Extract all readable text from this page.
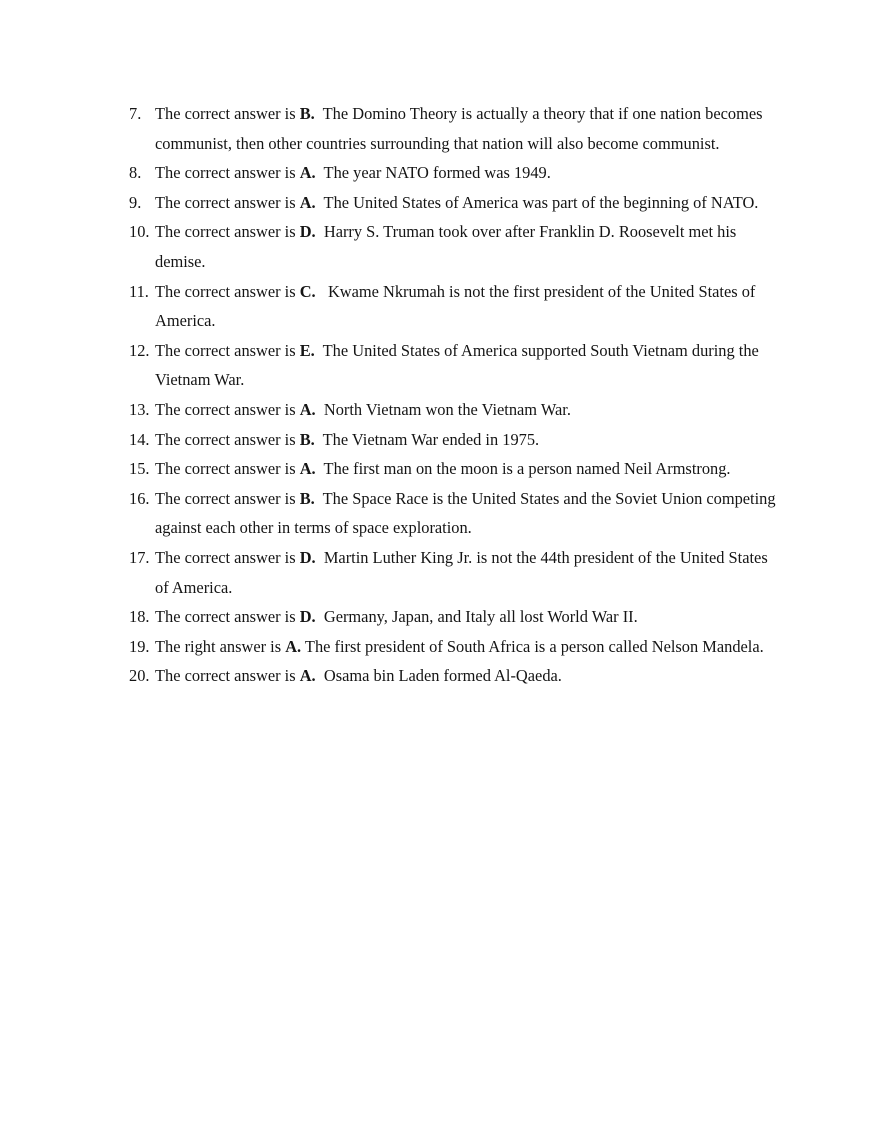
7. The correct answer is B.  The Domino Theory is actually a theory that if one nation becomes communist, then other countries surrounding that nation will also become communist.
8. The correct answer is A.  The year NATO formed was 1949.
9. The correct answer is A.  The United States of America was part of the beginning of NATO.
10. The correct answer is D.  Harry S. Truman took over after Franklin D. Roosevelt met his demise.
11. The correct answer is C.   Kwame Nkrumah is not the first president of the United States of America.
12. The correct answer is E.  The United States of America supported South Vietnam during the Vietnam War.
13. The correct answer is A.  North Vietnam won the Vietnam War.
14. The correct answer is B.  The Vietnam War ended in 1975.
15. The correct answer is A.  The first man on the moon is a person named Neil Armstrong.
16. The correct answer is B.  The Space Race is the United States and the Soviet Union competing against each other in terms of space exploration.
17. The correct answer is D.  Martin Luther King Jr. is not the 44th president of the United States of America.
18. The correct answer is D.  Germany, Japan, and Italy all lost World War II.
19. The right answer is A. The first president of South Africa is a person called Nelson Mandela.
20. The correct answer is A.  Osama bin Laden formed Al-Qaeda.
